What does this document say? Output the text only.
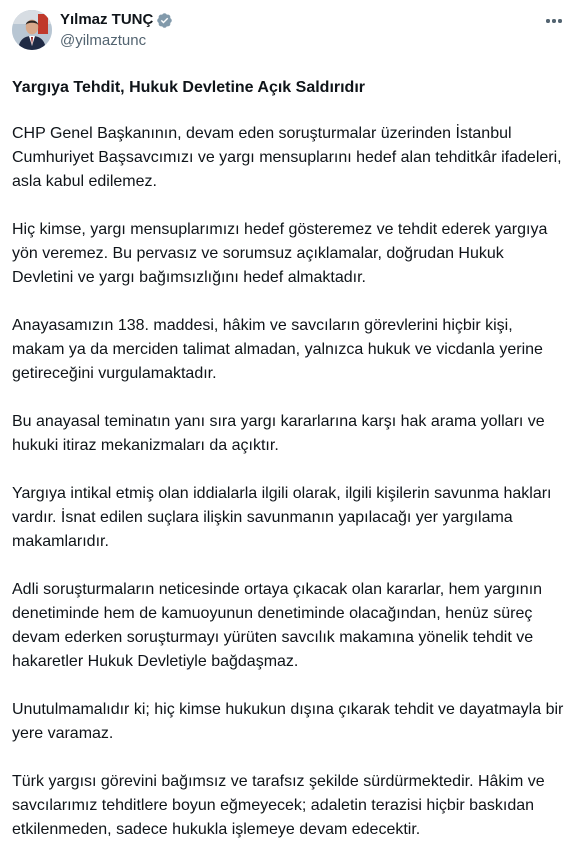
Yılmaz TUNÇ
@yilmaztunc
Yargıya Tehdit, Hukuk Devletine Açık Saldırıdır
CHP Genel Başkanının, devam eden soruşturmalar üzerinden İstanbul Cumhuriyet Başsavcımızı ve yargı mensuplarını hedef alan tehditkâr ifadeleri, asla kabul edilemez.
Hiç kimse, yargı mensuplarımızı hedef gösteremez ve tehdit ederek yargıya yön veremez. Bu pervasız ve sorumsuz açıklamalar, doğrudan Hukuk Devletini ve yargı bağımsızlığını hedef almaktadır.
Anayasamızın 138. maddesi, hâkim ve savcıların görevlerini hiçbir kişi, makam ya da merciden talimat almadan, yalnızca hukuk ve vicdanla yerine getireceğini vurgulamaktadır.
Bu anayasal teminatın yanı sıra yargı kararlarına karşı hak arama yolları ve hukuki itiraz mekanizmaları da açıktır.
Yargıya intikal etmiş olan iddialarla ilgili olarak, ilgili kişilerin savunma hakları vardır. İsnat edilen suçlara ilişkin savunmanın yapılacağı yer yargılama makamlarıdır.
Adli soruşturmaların neticesinde ortaya çıkacak olan kararlar, hem yargının denetiminde hem de kamuoyunun denetiminde olacağından, henüz süreç devam ederken soruşturmayı yürüten savcılık makamına yönelik tehdit ve hakaretler Hukuk Devletiyle bağdaşmaz.
Unutulmamalıdır ki; hiç kimse hukukun dışına çıkarak tehdit ve dayatmayla bir yere varamaz.
Türk yargısı görevini bağımsız ve tarafsız şekilde sürdürmektedir. Hâkim ve savcılarımız tehditlere boyun eğmeyecek; adaletin terazisi hiçbir baskıdan etkilenmeden, sadece hukukla işlemeye devam edecektir.
